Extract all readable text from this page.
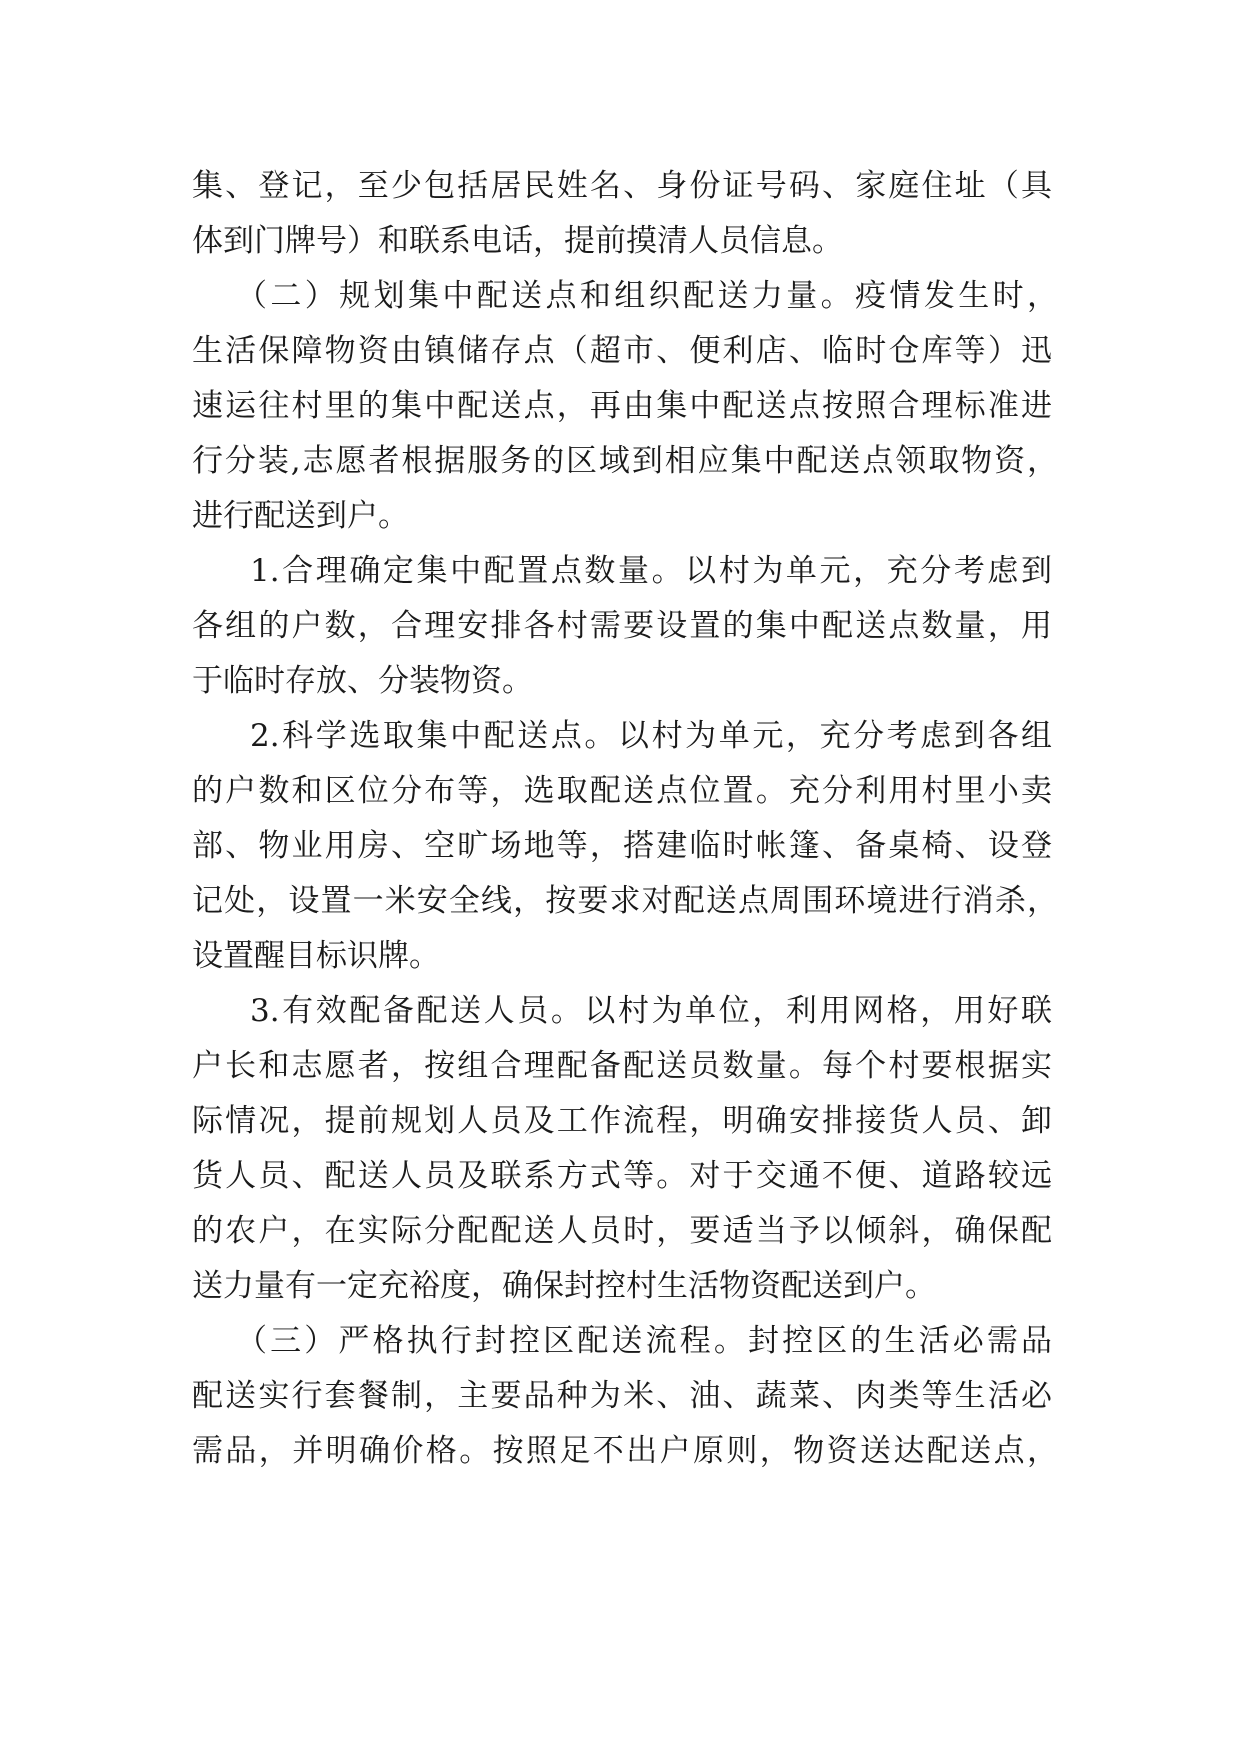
集、登记，至少包括居民姓名、身份证号码、家庭住址（具
体到门牌号）和联系电话，提前摸清人员信息。
（二）规划集中配送点和组织配送力量。疫情发生时，
生活保障物资由镇储存点（超市、便利店、临时仓库等）迅
速运往村里的集中配送点，再由集中配送点按照合理标准进
行分装,志愿者根据服务的区域到相应集中配送点领取物资，
进行配送到户。
1.合理确定集中配置点数量。以村为单元，充分考虑到
各组的户数，合理安排各村需要设置的集中配送点数量，用
于临时存放、分装物资。
2.科学选取集中配送点。以村为单元，充分考虑到各组
的户数和区位分布等，选取配送点位置。充分利用村里小卖
部、物业用房、空旷场地等，搭建临时帐篷、备桌椅、设登
记处，设置一米安全线，按要求对配送点周围环境进行消杀，
设置醒目标识牌。
3.有效配备配送人员。以村为单位，利用网格，用好联
户长和志愿者，按组合理配备配送员数量。每个村要根据实
际情况，提前规划人员及工作流程，明确安排接货人员、卸
货人员、配送人员及联系方式等。对于交通不便、道路较远
的农户，在实际分配配送人员时，要适当予以倾斜，确保配
送力量有一定充裕度，确保封控村生活物资配送到户。
（三）严格执行封控区配送流程。封控区的生活必需品
配送实行套餐制，主要品种为米、油、蔬菜、肉类等生活必
需品，并明确价格。按照足不出户原则，物资送达配送点，
